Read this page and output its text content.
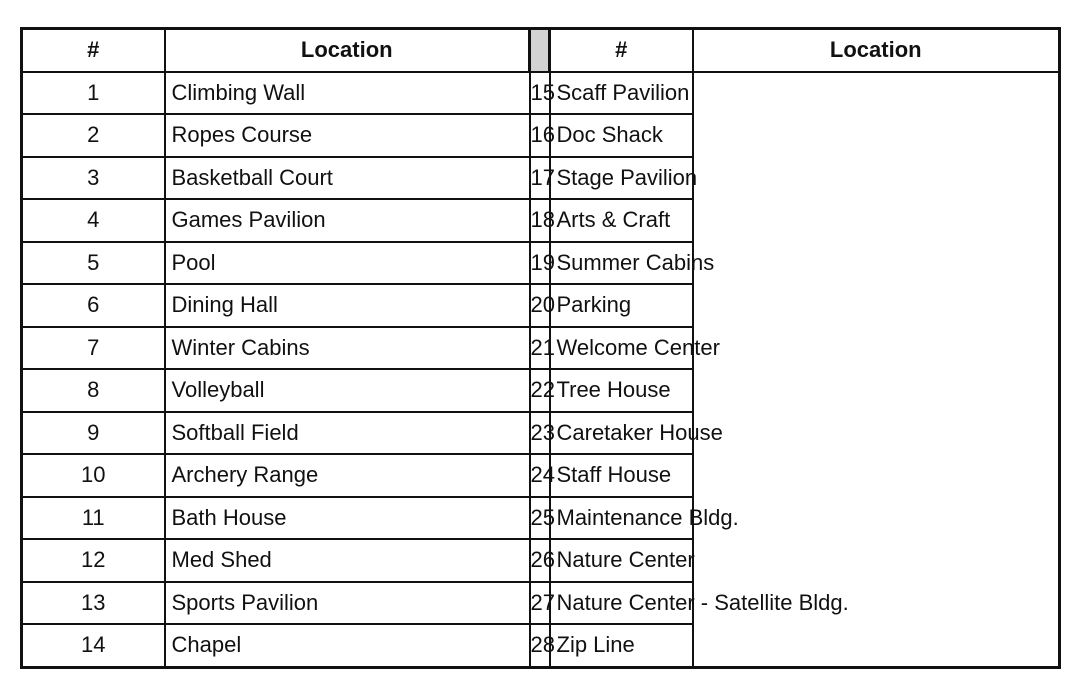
#	Location		#	Location
1	Climbing Wall	15	Scaff Pavilion	
2	Ropes Course	16	Doc Shack	
3	Basketball Court	17	Stage Pavilion	
4	Games Pavilion	18	Arts & Craft	
5	Pool	19	Summer Cabins	
6	Dining Hall	20	Parking	
7	Winter Cabins	21	Welcome Center	
8	Volleyball	22	Tree House	
9	Softball Field	23	Caretaker House	
10	Archery Range	24	Staff House	
11	Bath House	25	Maintenance Bldg.	
12	Med Shed	26	Nature Center	
13	Sports Pavilion	27	Nature Center - Satellite Bldg.	
14	Chapel	28	Zip Line	
